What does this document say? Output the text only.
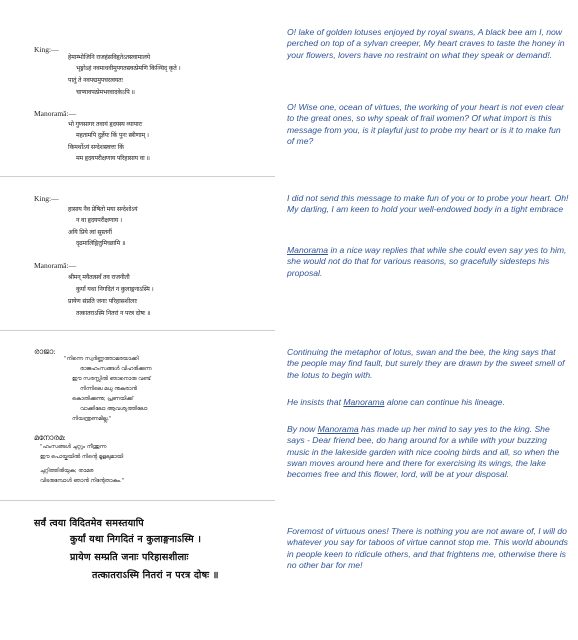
King:—
हेमाम्भोजिनि राजहंसविहृतेऽतस्त्वामालये
भृङ्गोऽहं नवमाधवीमुपगतस्त्वत्प्रेमणि किञ्चिद् कृते ।
पातुं ते नवपद्ममुपचरत्वयतः
चाप्यावपत्प्रेमभरवादकेऽपि ॥
Manoramā:—
भो गुणसागर तवायं हृदयस्य व्यापारः
महतामपि दुर्ज्ञेयः किं पुनः स्त्रीणाम् ।
किमर्थोऽयं सन्देशस्त्वत्तः किं
मम हृदयपरीक्षणाय परिहासाय वा ॥
King:—
हासाय नैव प्रेषितो मया सन्देशोऽयं
न वा हृदयपरीक्षणाय ।
अयि प्रिये त्वां सुस्तनीं
दृढमालिङ्गितुमिच्छामि ॥
Manoramā:—
श्रीमन् मयैतत्सर्वं तव राजनीतौ
कुर्यां यथा निगदितं न कुलाङ्गनाऽस्मि ।
प्रायेण संप्रति जनाः परिहासशीलाः
तत्कातराऽस्मि नितरां न परत्र दोषः ॥
രാജാ:
"നിന്നെ സ്വർണ്ണത്താമരയാക്കി
രാജഹംസങ്ങൾ വിഹരിക്കുന്ന
ഈ സരസ്സിൽ ഞാനൊരു വണ്ട്
നിന്നിലെ മധു നുകരാൻ
കൊതിക്കുന്നു; പ്രണയിക്ക്
വാക്കിലോ ആവശ്യത്തിലോ
നിയന്ത്രണമില്ല."
മനോരമ:
"ഹംസങ്ങൾ ചുറ്റും നീന്തുന്ന
ഈ പൊയ്കയിൽ നിന്റെ മൂളലുമായി
ചുറ്റിത്തിരിയുക; താമര
വിടരുമ്പോൾ ഞാൻ നിന്റേതാകും."
सर्वं त्वया विदितमेव समस्तयापि
कुर्यां यथा निगदितं न कुलाङ्गनाऽस्मि ।
प्रायेण सम्प्रति जनाः परिहासशीलाः
तत्कातराऽस्मि नितरां न परत्र दोषः ॥

O! lake of golden lotuses enjoyed by royal swans, A black bee am I, now perched on top of a sylvan creeper, My heart craves to taste the honey in your flowers, lovers have no restraint on what they speak or demand!.

O! Wise one, ocean of virtues, the working of your heart is not even clear to the great ones, so why speak of frail women? Of what import is this message from you, is it playful just to probe my heart or is it to make fun of me?

I did not send this message to make fun of you or to probe your heart. Oh! My darling, I am keen to hold your well-endowed body in a tight embrace

Manorama in a nice way replies that while she could even say yes to him, she would not do that for various reasons, so gracefully sidesteps his proposal.

Continuing the metaphor of lotus, swan and the bee, the king says that the people may find fault, but surely they are drawn by the sweet smell of the lotus to begin with.

He insists that Manorama alone can continue his lineage.

By now Manorama has made up her mind to say yes to the king. She says - Dear friend bee, do hang around for a while with your buzzing music in the lakeside garden with nice cooing birds and all, so when the swan moves around here and there for exercising its wings, the lake becomes free and this flower, lord, will be at your disposal.

Foremost of virtuous ones! There is nothing you are not aware of, I will do whatever you say for taboos of virtue cannot stop me. This world abounds in people keen to ridicule others, and that frightens me, otherwise there is no other bar for me!
